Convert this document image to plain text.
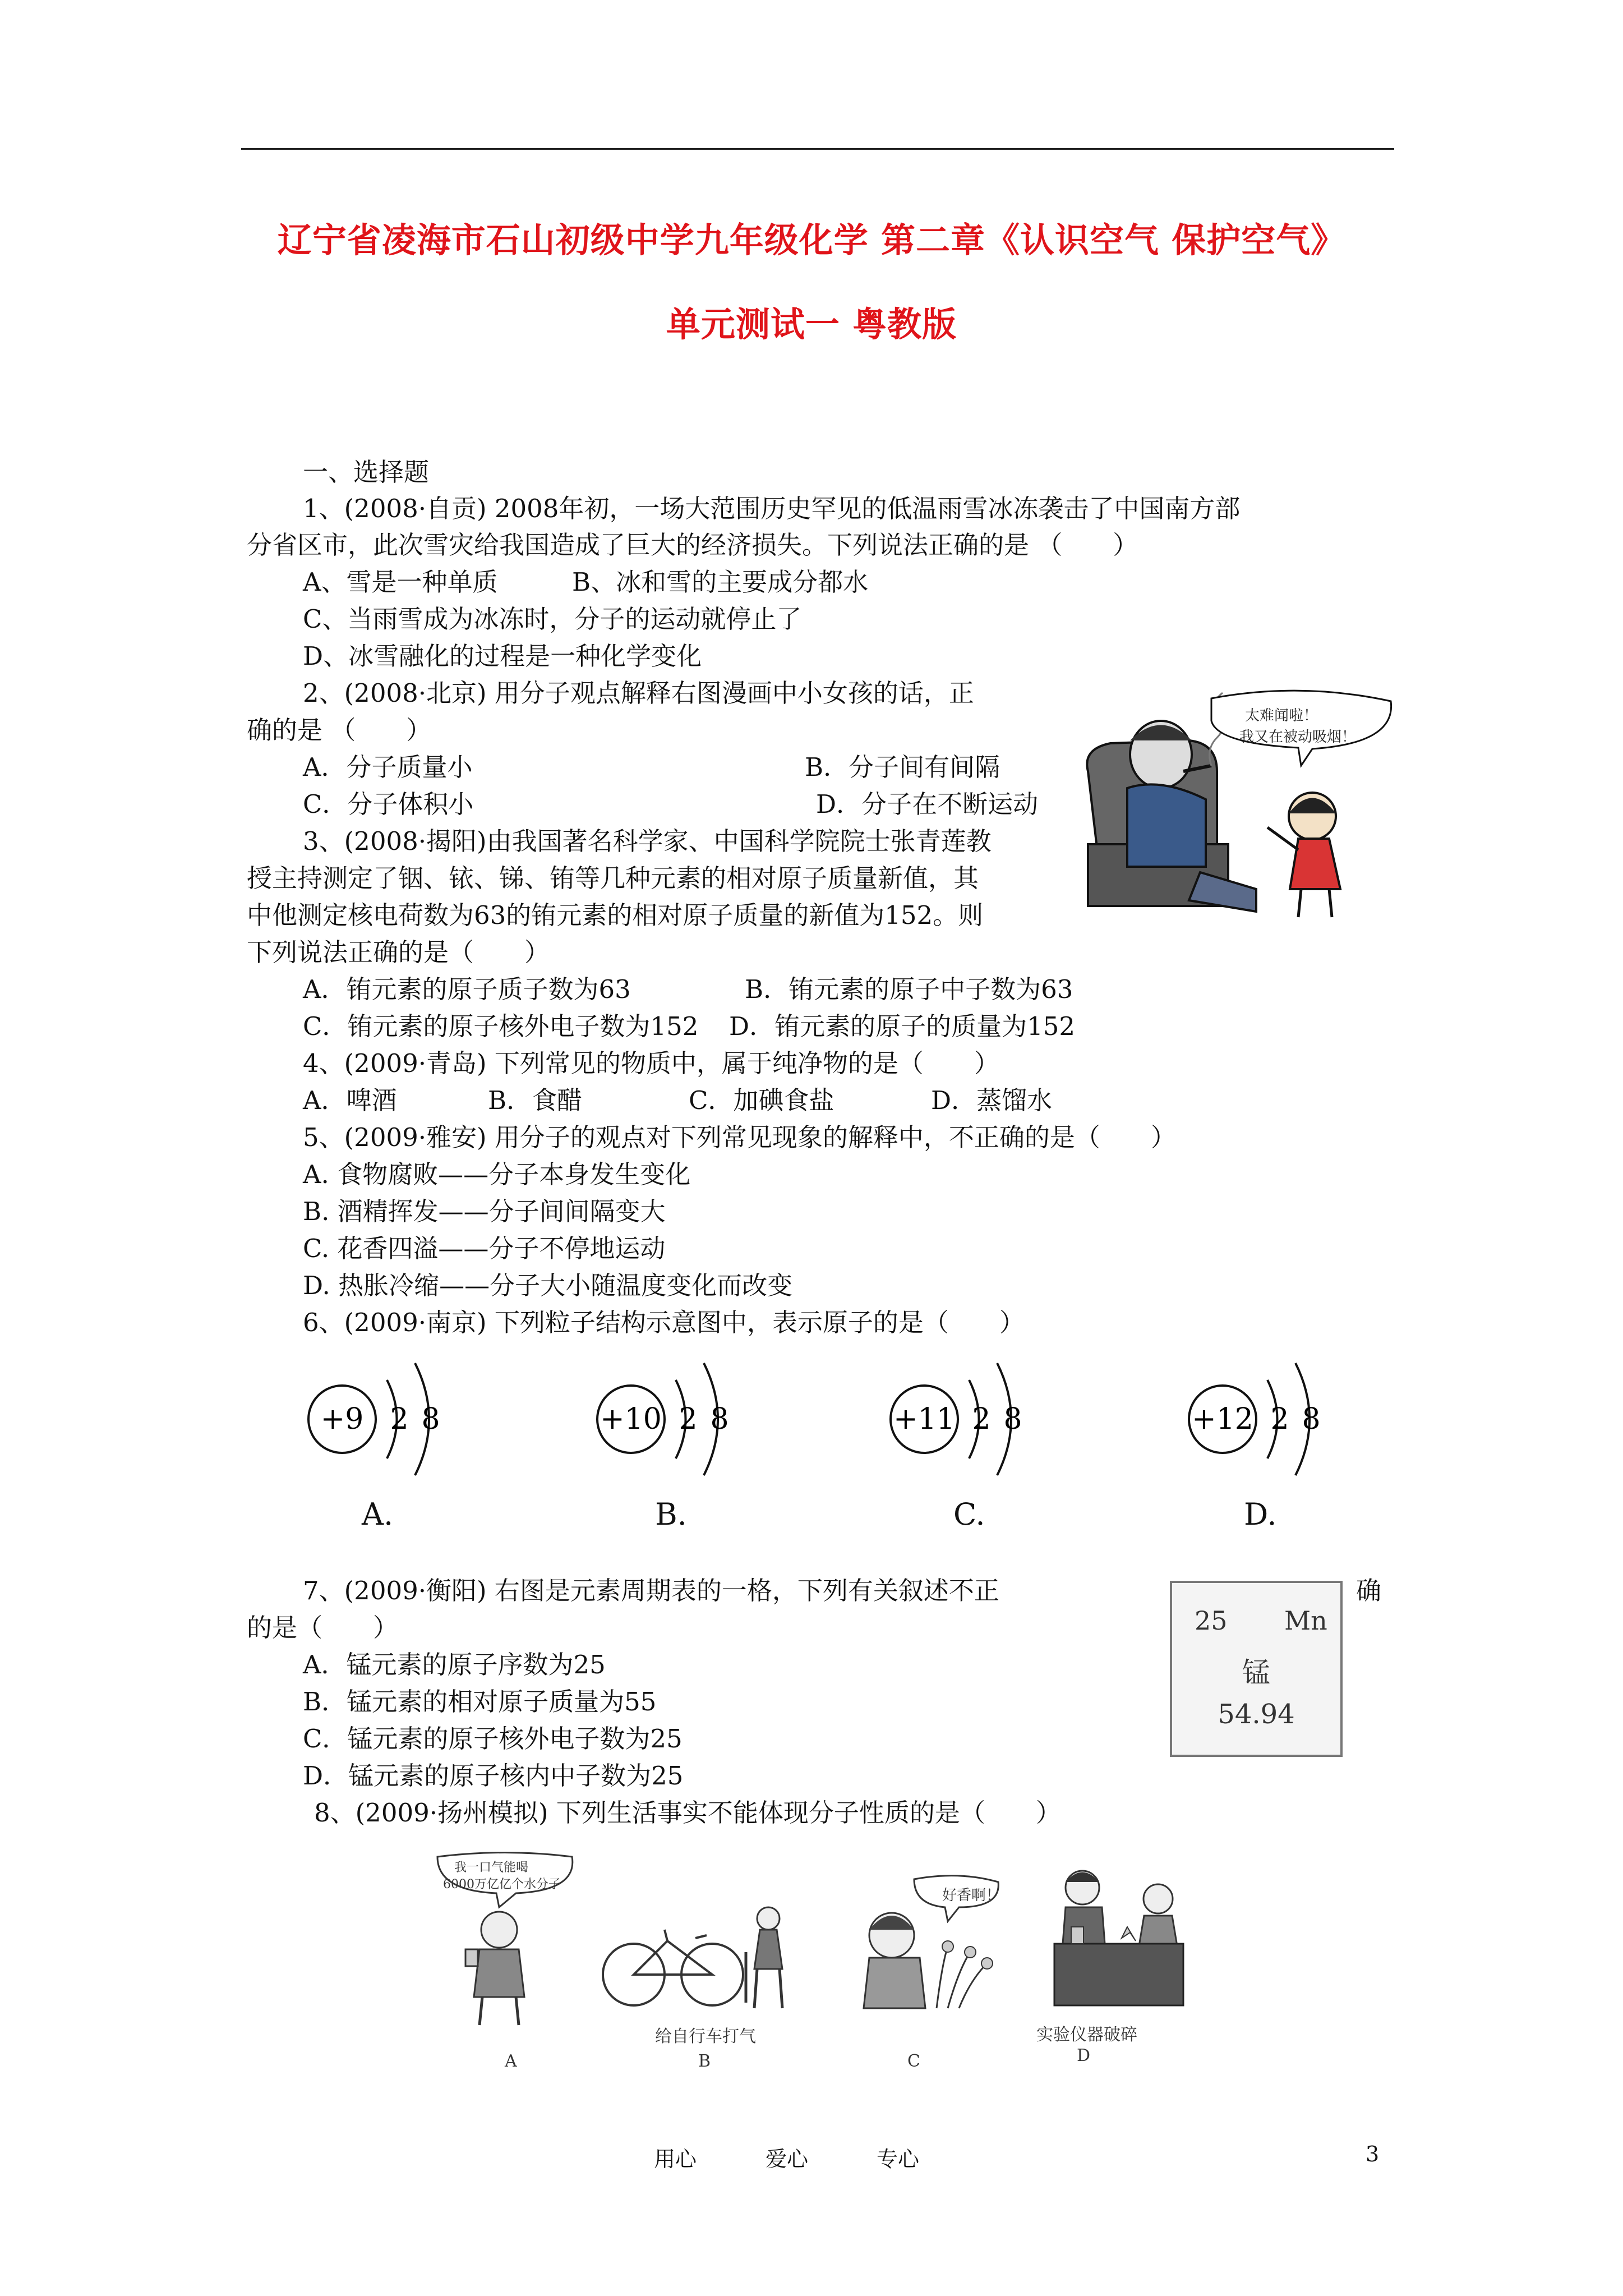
辽宁省凌海市石山初级中学九年级化学 第二章《认识空气 保护空气》
单元测试一 粤教版
一、选择题
1、(2008·自贡) 2008年初，一场大范围历史罕见的低温雨雪冰冻袭击了中国南方部
分省区市，此次雪灾给我国造成了巨大的经济损失。下列说法正确的是 （　　）
A、雪是一种单质	B、冰和雪的主要成分都水
C、当雨雪成为冰冻时，分子的运动就停止了
D、冰雪融化的过程是一种化学变化
2、(2008·北京) 用分子观点解释右图漫画中小女孩的话，正
确的是 （　　）
A．分子质量小	B．分子间有间隔
C．分子体积小	D．分子在不断运动
太难闻啦！
我又在被动吸烟！
3、(2008·揭阳)由我国著名科学家、中国科学院院士张青莲教
授主持测定了铟、铱、锑、铕等几种元素的相对原子质量新值，其
中他测定核电荷数为63的铕元素的相对原子质量的新值为152。则
下列说法正确的是（　　）
A．铕元素的原子质子数为63	B．铕元素的原子中子数为63
C．铕元素的原子核外电子数为152 D．铕元素的原子的质量为152
4、(2009·青岛) 下列常见的物质中，属于纯净物的是（　　）
A．啤酒	B．食醋	C．加碘食盐	D．蒸馏水
5、(2009·雅安) 用分子的观点对下列常见现象的解释中，不正确的是（　　）
A. 食物腐败——分子本身发生变化
B. 酒精挥发——分子间间隔变大
C. 花香四溢——分子不停地运动
D. 热胀冷缩——分子大小随温度变化而改变
6、(2009·南京) 下列粒子结构示意图中，表示原子的是（　　）
+9 2 8	+10 2 8	+11 2 8	+12 2 8
A.	B.	C.	D.
7、(2009·衡阳) 右图是元素周期表的一格，下列有关叙述不正	确
的是（　　）
A．锰元素的原子序数为25
B．锰元素的相对原子质量为55
C．锰元素的原子核外电子数为25
D．锰元素的原子核内中子数为25
25 Mn
锰
54.94
8、(2009·扬州模拟) 下列生活事实不能体现分子性质的是（　　）
我一口气能喝
6000万亿亿个水分子
给自行车打气
好香啊！
实验仪器破碎
A	B	C	D
用心	爱心	专心	3
